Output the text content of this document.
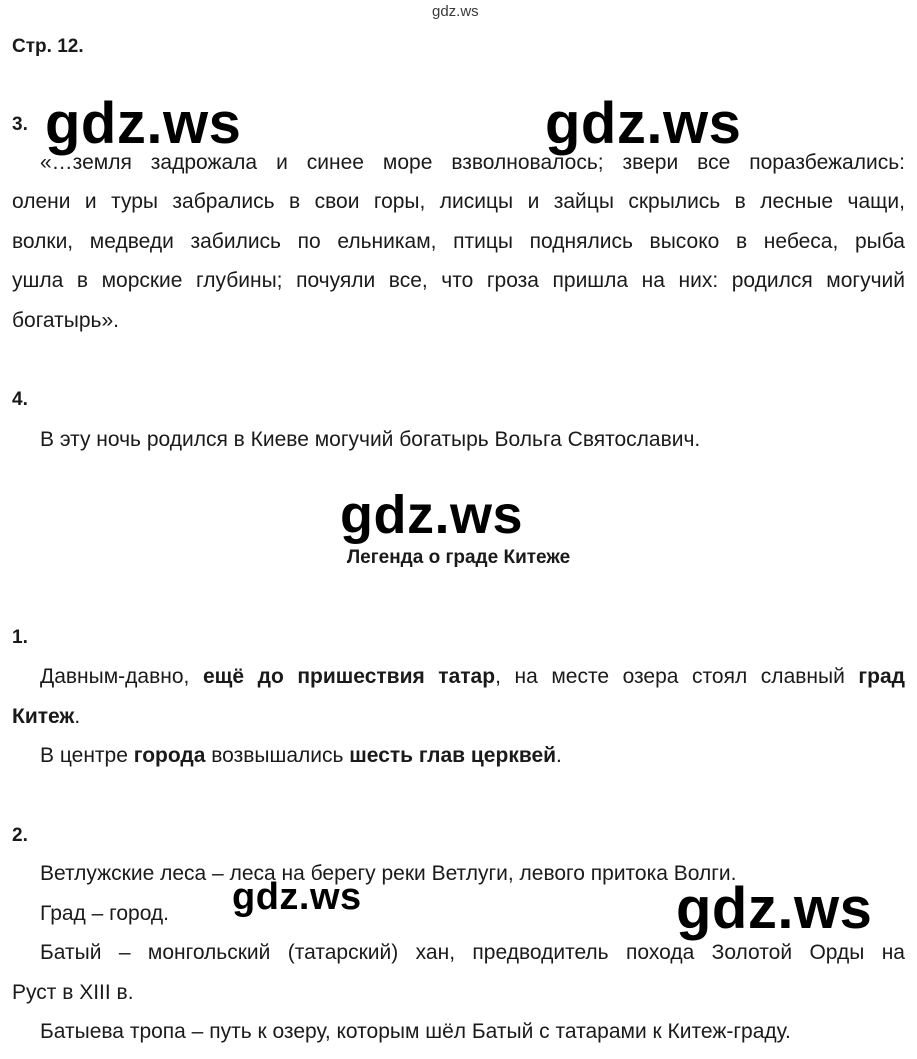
gdz.ws
Стр. 12.
3.
«…земля задрожала и синее море взволновалось; звери все поразбежались:
олени и туры забрались в свои горы, лисицы и зайцы скрылись в лесные чащи,
волки, медведи забились по ельникам, птицы поднялись высоко в небеса, рыба
ушла в морские глубины; почуяли все, что гроза пришла на них: родился могучий
богатырь».
4.
В эту ночь родился в Киеве могучий богатырь Вольга Святославич.
Легенда о граде Китеже
1.
Давным-давно, ещё до пришествия татар, на месте озера стоял славный град
Китеж.
В центре города возвышались шесть глав церквей.
2.
Ветлужские леса – леса на берегу реки Ветлуги, левого притока Волги.
Град – город.
Батый – монгольский (татарский) хан, предводитель похода Золотой Орды на
Руст в XIII в.
Батыева тропа – путь к озеру, которым шёл Батый с татарами к Китеж-граду.
gdz.ws	gdz.ws
gdz.ws
gdz.ws	gdz.ws
